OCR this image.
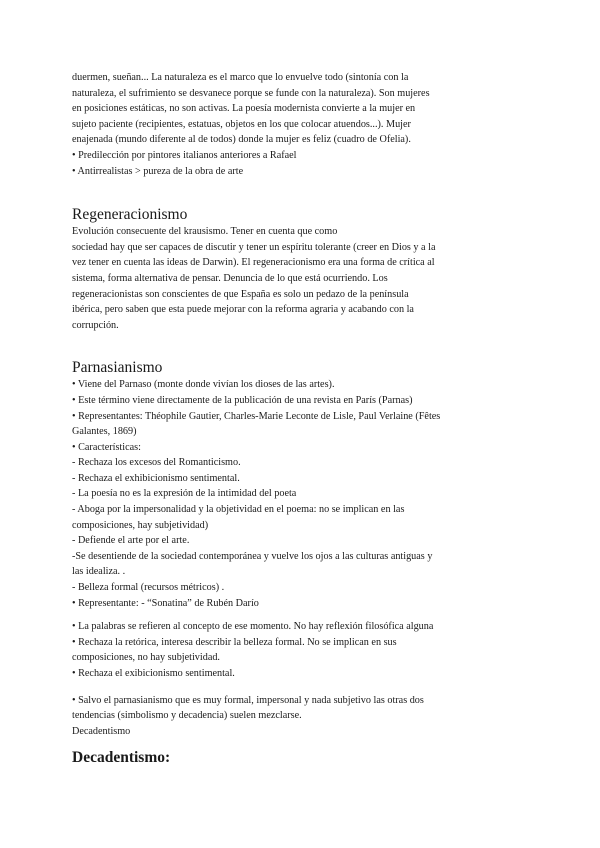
duermen, sueñan... La naturaleza es el marco que lo envuelve todo (sintonía con la

naturaleza, el sufrimiento se desvanece porque se funde con la naturaleza). Son mujeres

en posiciones estáticas, no son activas. La poesía modernista convierte a la mujer en

sujeto paciente (recipientes, estatuas, objetos en los que colocar atuendos...). Mujer

enajenada (mundo diferente al de todos) donde la mujer es feliz (cuadro de Ofelia).

• Predilección por pintores italianos anteriores a Rafael

• Antirrealistas > pureza de la obra de arte

Regeneracionismo

Evolución consecuente del krausismo. Tener en cuenta que como

sociedad hay que ser capaces de discutir y tener un espíritu tolerante (creer en Dios y a la

vez tener en cuenta las ideas de Darwin). El regeneracionismo era una forma de crítica al

sistema, forma alternativa de pensar. Denuncia de lo que está ocurriendo. Los

regeneracionistas son conscientes de que España es solo un pedazo de la península

ibérica, pero saben que esta puede mejorar con la reforma agraria y acabando con la

corrupción.

Parnasianismo

• Viene del Parnaso (monte donde vivían los dioses de las artes).

• Este término viene directamente de la publicación de una revista en París (Parnas)

• Representantes: Théophile Gautier, Charles-Marie Leconte de Lisle, Paul Verlaine (Fêtes

Galantes, 1869)

• Características:

- Rechaza los excesos del Romanticismo.

- Rechaza el exhibicionismo sentimental.

- La poesía no es la expresión de la intimidad del poeta

- Aboga por la impersonalidad y la objetividad en el poema: no se implican en las

composiciones, hay subjetividad)

- Defiende el arte por el arte.

-Se desentiende de la sociedad contemporánea y vuelve los ojos a las culturas antiguas y

las idealiza. .

- Belleza formal (recursos métricos) .

• Representante: - “Sonatina” de Rubén Darío

• La palabras se refieren al concepto de ese momento. No hay reflexión filosófica alguna

• Rechaza la retórica, interesa describir la belleza formal. No se implican en sus

composiciones, no hay subjetividad.

• Rechaza el exibicionismo sentimental.

• Salvo el parnasianismo que es muy formal, impersonal y nada subjetivo las otras dos

tendencias (simbolismo y decadencia) suelen mezclarse.

Decadentismo

Decadentismo:
